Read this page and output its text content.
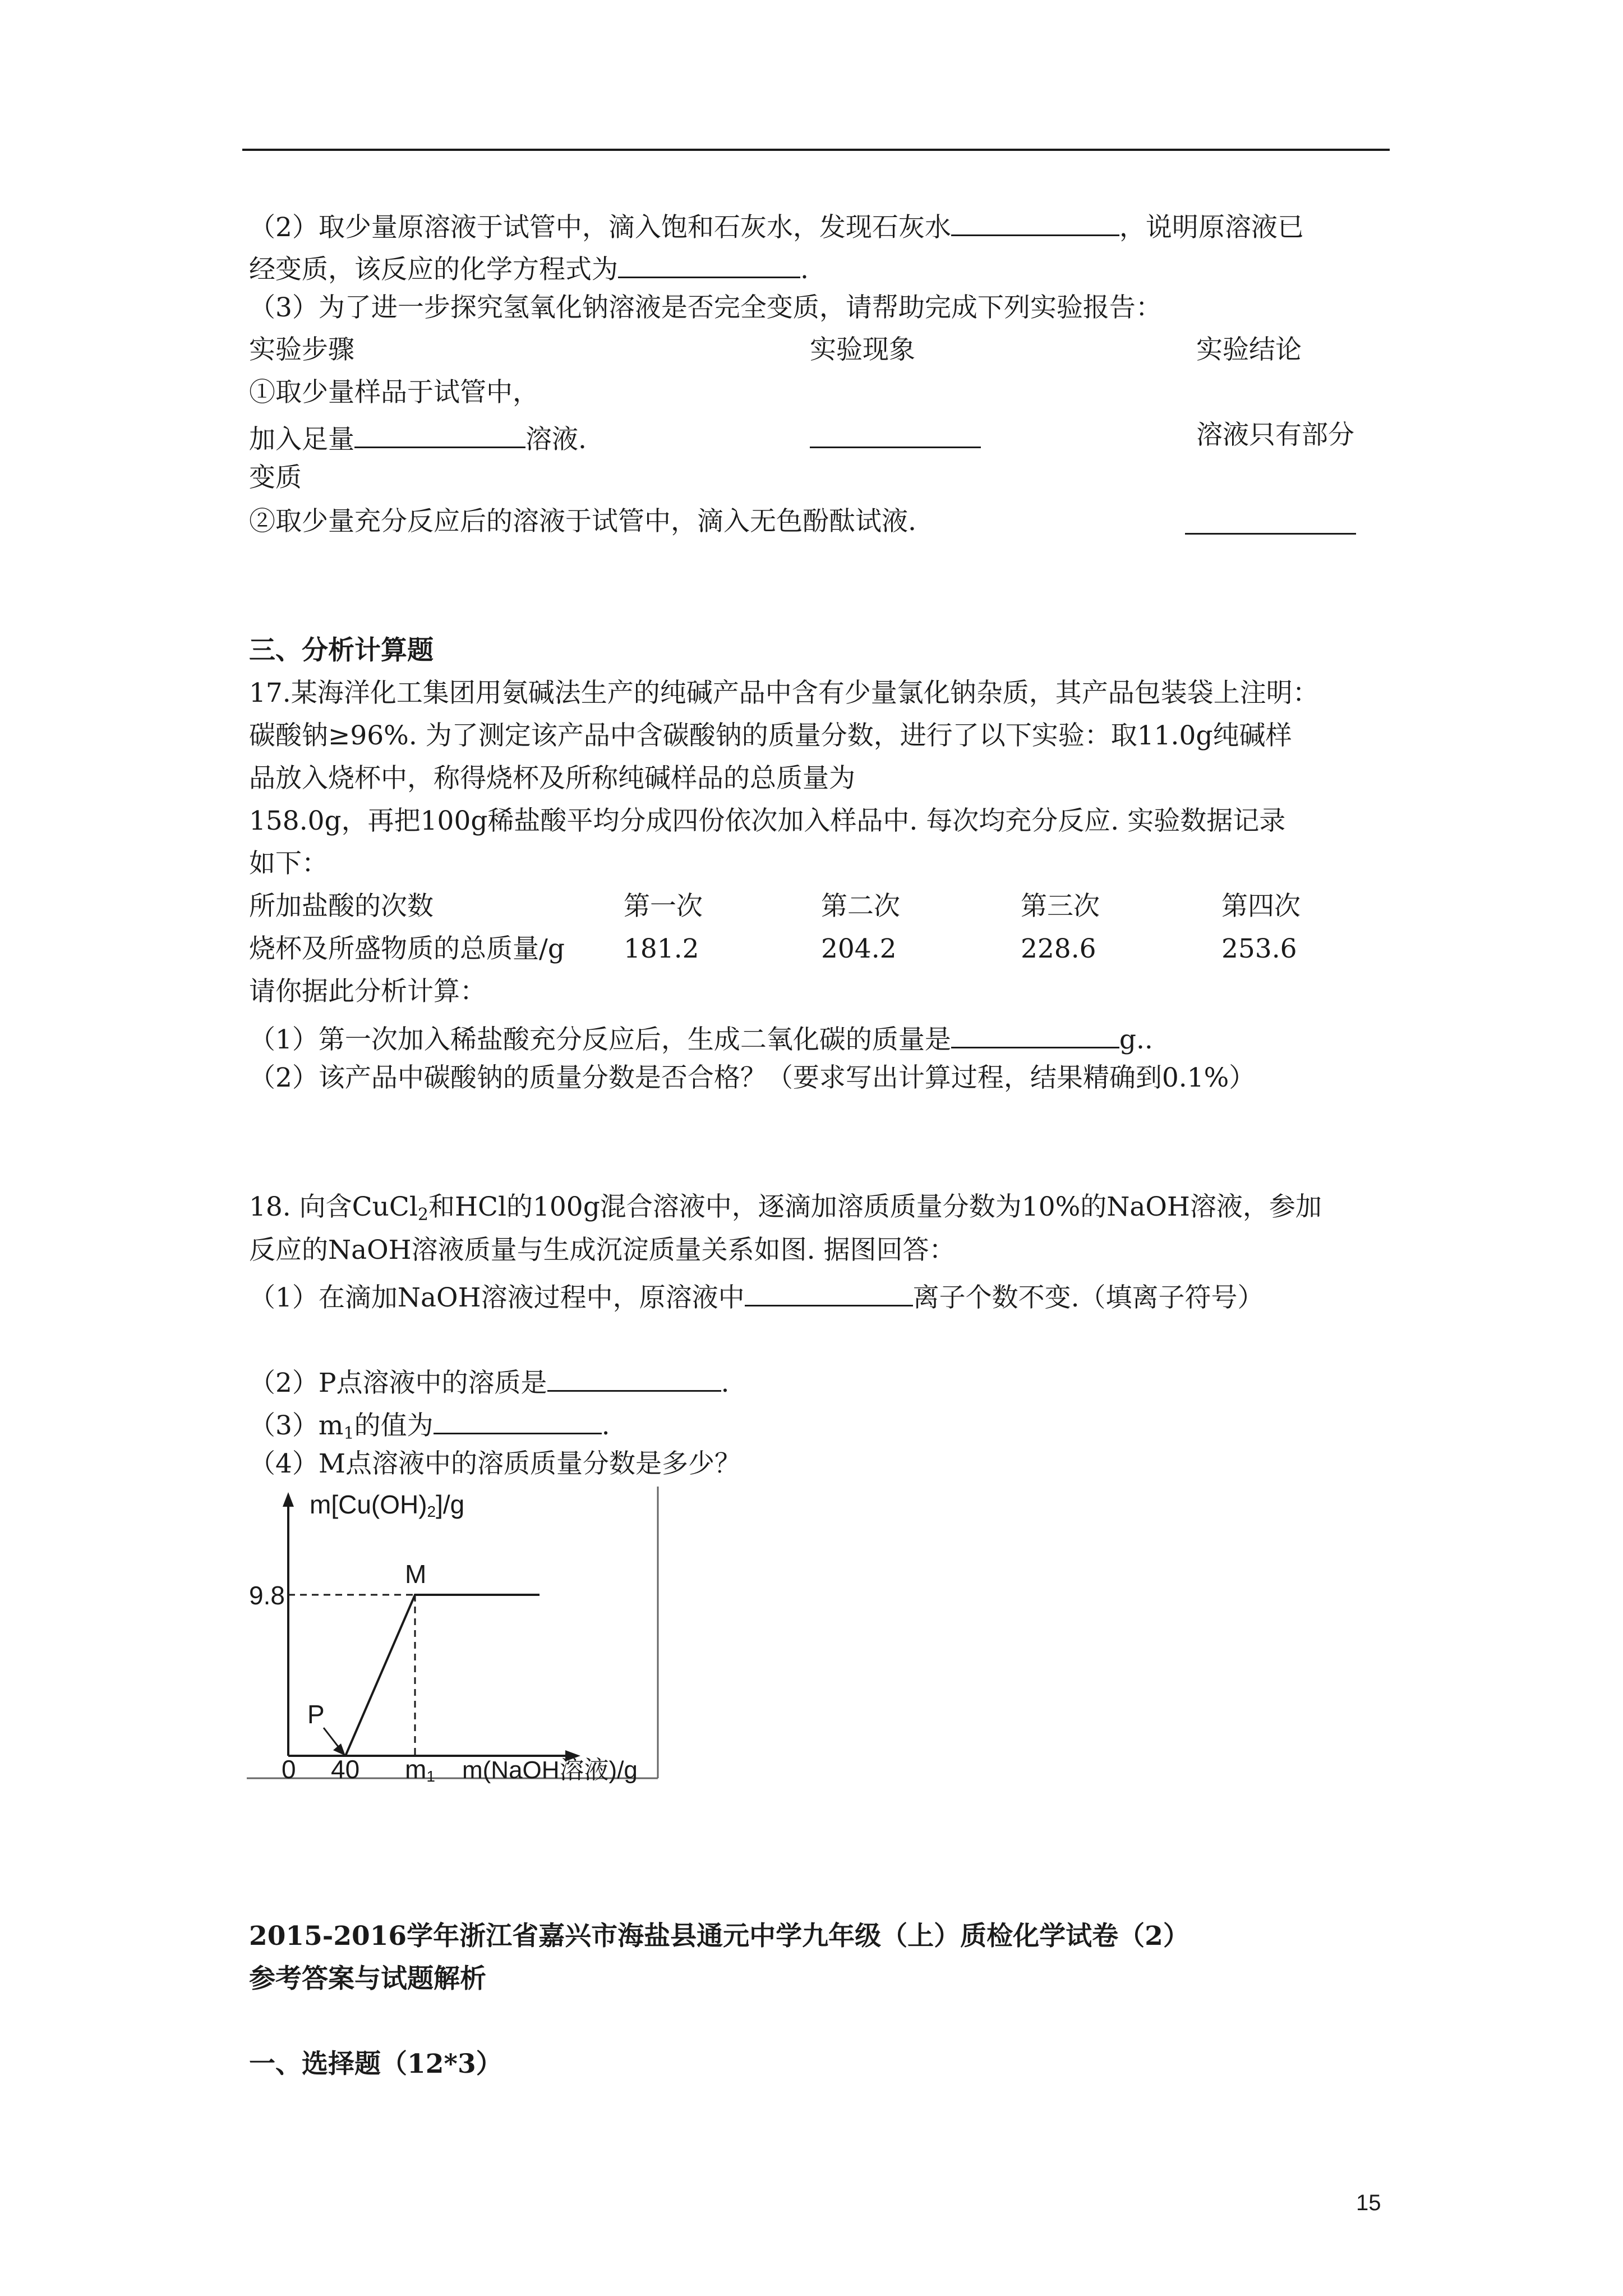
（2）取少量原溶液于试管中，滴入饱和石灰水，发现石灰水	，说明原溶液已
经变质，该反应的化学方程式为	.
（3）为了进一步探究氢氧化钠溶液是否完全变质，请帮助完成下列实验报告：
实验步骤	实验现象	实验结论
①取少量样品于试管中，
加入足量	溶液.	溶液只有部分
变质
②取少量充分反应后的溶液于试管中，滴入无色酚酞试液.
三、分析计算题
17.某海洋化工集团用氨碱法生产的纯碱产品中含有少量氯化钠杂质，其产品包装袋上注明：
碳酸钠≥96%. 为了测定该产品中含碳酸钠的质量分数，进行了以下实验：取11.0g纯碱样
品放入烧杯中，称得烧杯及所称纯碱样品的总质量为
158.0g，再把100g稀盐酸平均分成四份依次加入样品中. 每次均充分反应. 实验数据记录
如下：
所加盐酸的次数	第一次	第二次	第三次	第四次
烧杯及所盛物质的总质量/g 181.2	204.2	228.6	253.6
请你据此分析计算：
（1）第一次加入稀盐酸充分反应后，生成二氧化碳的质量是	g..
（2）该产品中碳酸钠的质量分数是否合格？（要求写出计算过程，结果精确到0.1%）
18. 向含CuCl$_2$和HCl的100g混合溶液中，逐滴加溶质质量分数为10%的NaOH溶液，参加
反应的NaOH溶液质量与生成沉淀质量关系如图. 据图回答：
（1）在滴加NaOH溶液过程中，原溶液中	离子个数不变.（填离子符号）
（2）P点溶液中的溶质是	.
$(3)m_1$的值为	.
（4）M点溶液中的溶质质量分数是多少？
m[Cu(OH)2]/g
9.8
M
P
0 40 m1 m(NaOH溶液)/g
2015-2016学年浙江省嘉兴市海盐县通元中学九年级（上）质检化学试卷（2）
参考答案与试题解析
一、选择题（12*3）
15
